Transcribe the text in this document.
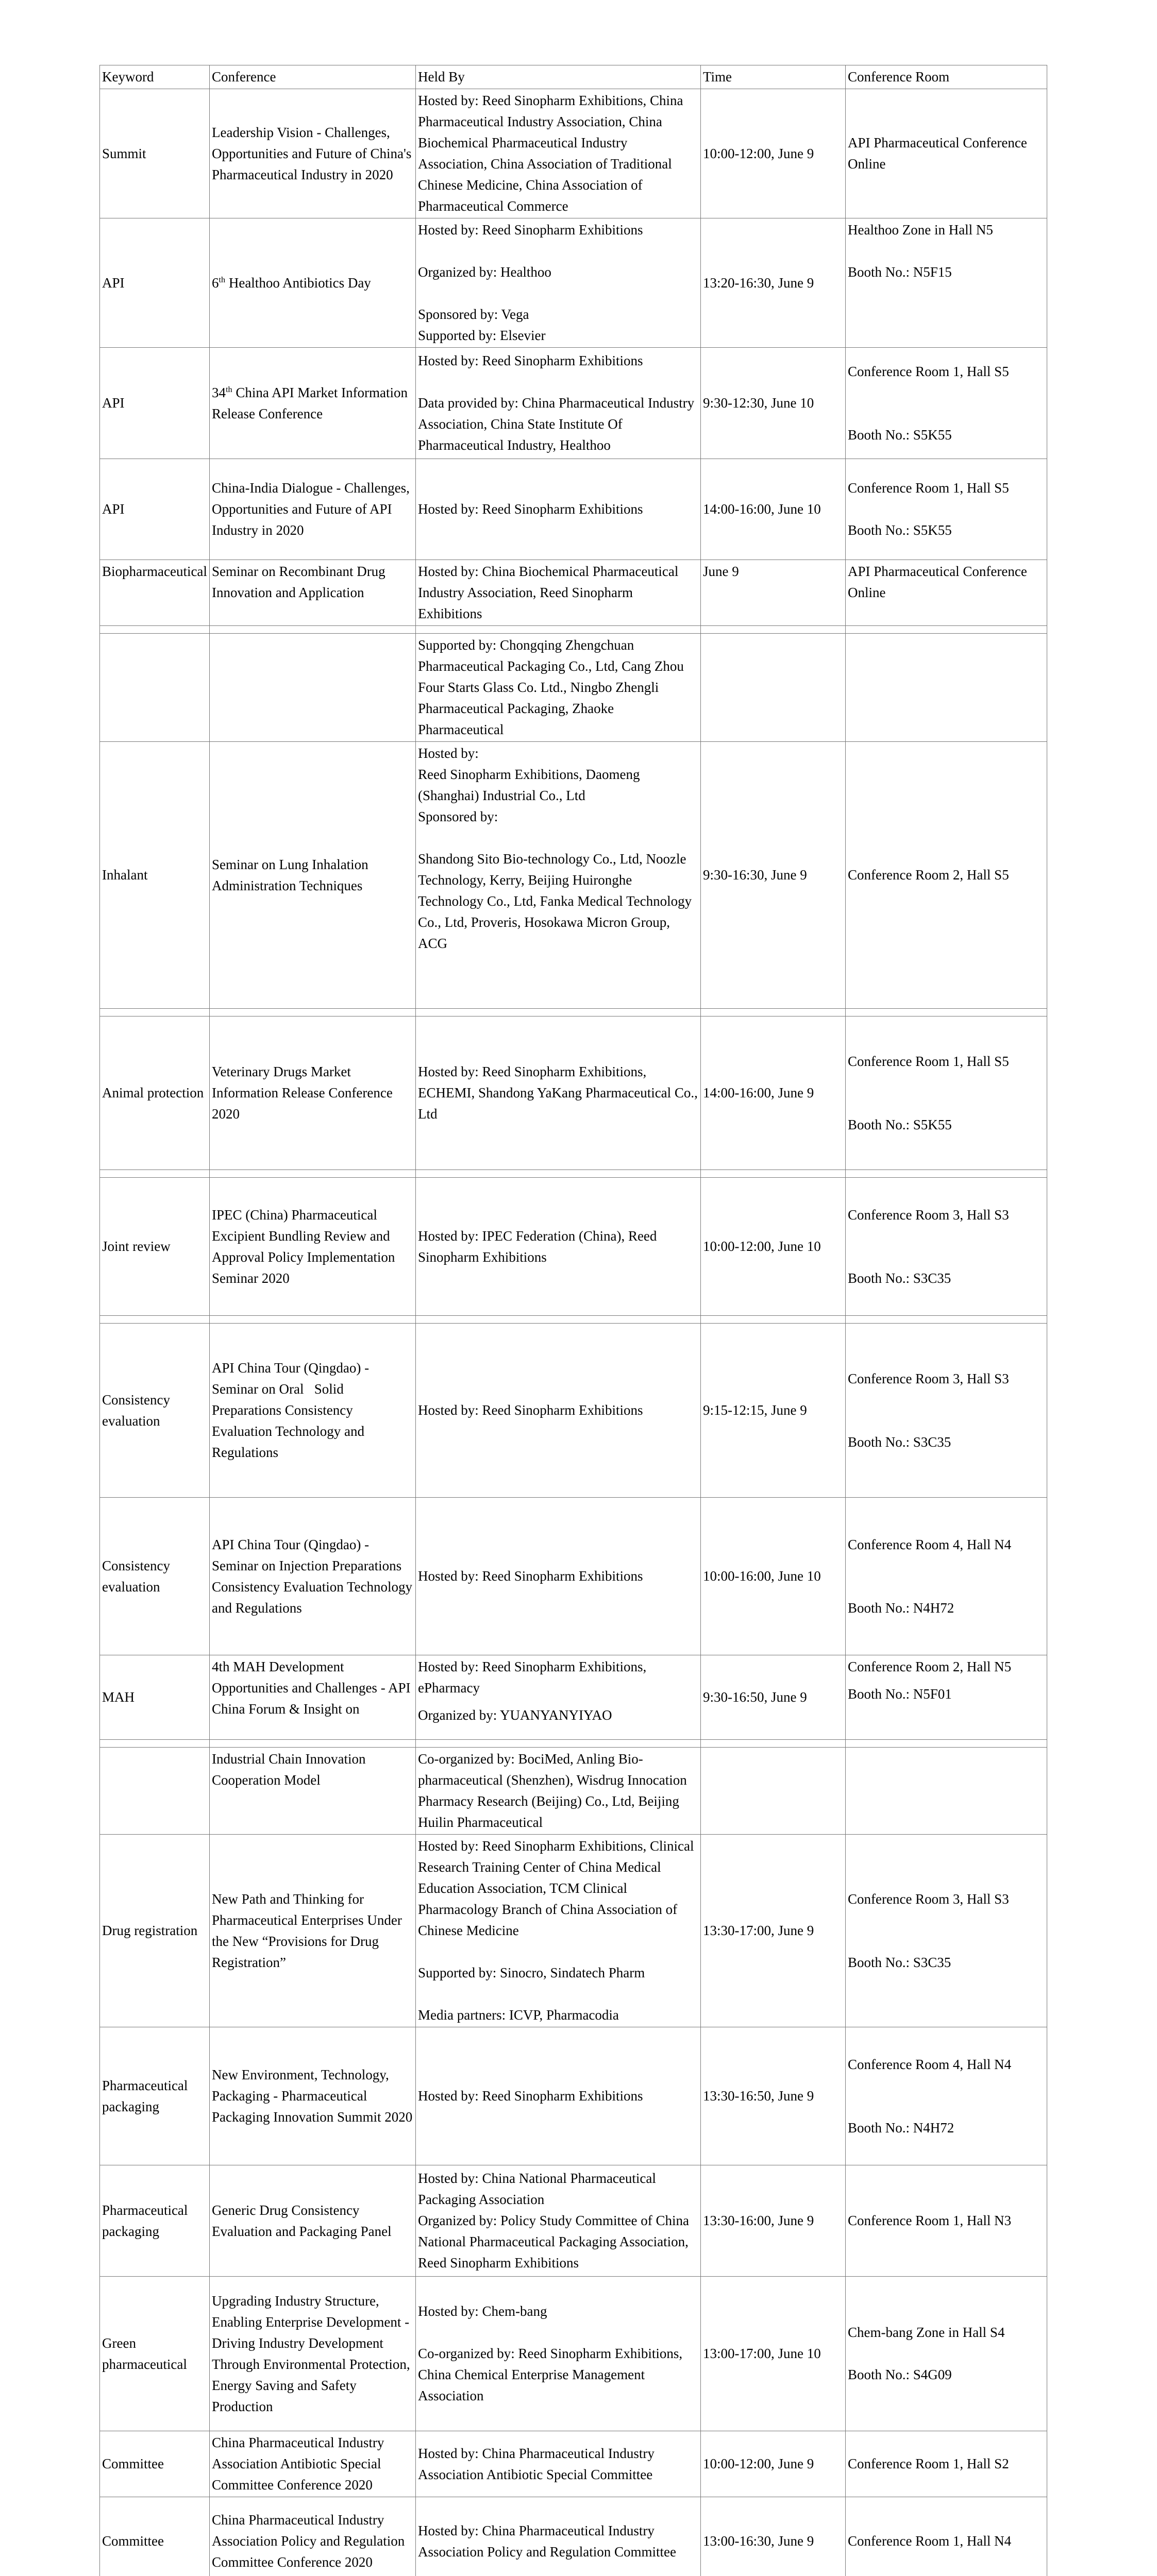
Keyword	Conference	Held By	Time	Conference Room
Summit	Leadership Vision - Challenges, Opportunities and Future of China's Pharmaceutical Industry in 2020	Hosted by: Reed Sinopharm Exhibitions, China Pharmaceutical Industry Association, China Biochemical Pharmaceutical Industry Association, China Association of Traditional Chinese Medicine, China Association of Pharmaceutical Commerce	10:00-12:00, June 9	API Pharmaceutical Conference Online

API	6th Healthoo Antibiotics Day	Hosted by: Reed Sinopharm Exhibitions
Organized by: Healthoo
Sponsored by: Vega
Supported by: Elsevier	13:20-16:30, June 9	Healthoo Zone in Hall N5
Booth No.: N5F15

API	34th China API Market Information Release Conference	Hosted by: Reed Sinopharm Exhibitions
Data provided by: China Pharmaceutical Industry Association, China State Institute Of Pharmaceutical Industry, Healthoo	9:30-12:30, June 10	Conference Room 1, Hall S5
Booth No.: S5K55

API	China-India Dialogue - Challenges, Opportunities and Future of API Industry in 2020	Hosted by: Reed Sinopharm Exhibitions	14:00-16:00, June 10	Conference Room 1, Hall S5
Booth No.: S5K55

Biopharmaceutical	Seminar on Recombinant Drug Innovation and Application	Hosted by: China Biochemical Pharmaceutical Industry Association, Reed Sinopharm Exhibitions	June 9	API Pharmaceutical Conference Online

		Supported by: Chongqing Zhengchuan Pharmaceutical Packaging Co., Ltd, Cang Zhou Four Starts Glass Co. Ltd., Ningbo Zhengli Pharmaceutical Packaging, Zhaoke Pharmaceutical		

Inhalant	Seminar on Lung Inhalation Administration Techniques	Hosted by:
Reed Sinopharm Exhibitions, Daomeng (Shanghai) Industrial Co., Ltd
Sponsored by:
Shandong Sito Bio-technology Co., Ltd, Noozle Technology, Kerry, Beijing Huironghe Technology Co., Ltd, Fanka Medical Technology Co., Ltd, Proveris, Hosokawa Micron Group, ACG	9:30-16:30, June 9	Conference Room 2, Hall S5

Animal protection	Veterinary Drugs Market Information Release Conference 2020	Hosted by: Reed Sinopharm Exhibitions, ECHEMI, Shandong YaKang Pharmaceutical Co., Ltd	14:00-16:00, June 9	Conference Room 1, Hall S5
Booth No.: S5K55

Joint review	IPEC (China) Pharmaceutical Excipient Bundling Review and Approval Policy Implementation Seminar 2020	Hosted by: IPEC Federation (China), Reed Sinopharm Exhibitions	10:00-12:00, June 10	Conference Room 3, Hall S3
Booth No.: S3C35

Consistency evaluation	API China Tour (Qingdao) - Seminar on Oral   Solid Preparations Consistency Evaluation Technology and Regulations	Hosted by: Reed Sinopharm Exhibitions	9:15-12:15, June 9	Conference Room 3, Hall S3
Booth No.: S3C35

Consistency evaluation	API China Tour (Qingdao) - Seminar on Injection Preparations Consistency Evaluation Technology and Regulations	Hosted by: Reed Sinopharm Exhibitions	10:00-16:00, June 10	Conference Room 4, Hall N4
Booth No.: N4H72

MAH	4th MAH Development Opportunities and Challenges - API China Forum & Insight on	Hosted by: Reed Sinopharm Exhibitions, ePharmacy
Organized by: YUANYANYIYAO	9:30-16:50, June 9	Conference Room 2, Hall N5
Booth No.: N5F01

	Industrial Chain Innovation Cooperation Model	Co-organized by: BociMed, Anling Bio-pharmaceutical (Shenzhen), Wisdrug Innocation Pharmacy Research (Beijing) Co., Ltd, Beijing Huilin Pharmaceutical		

Drug registration	New Path and Thinking for Pharmaceutical Enterprises Under the New “Provisions for Drug Registration”	Hosted by: Reed Sinopharm Exhibitions, Clinical Research Training Center of China Medical Education Association, TCM Clinical Pharmacology Branch of China Association of Chinese Medicine
Supported by: Sinocro, Sindatech Pharm
Media partners: ICVP, Pharmacodia	13:30-17:00, June 9	Conference Room 3, Hall S3
Booth No.: S3C35

Pharmaceutical packaging	New Environment, Technology, Packaging - Pharmaceutical Packaging Innovation Summit 2020	Hosted by: Reed Sinopharm Exhibitions	13:30-16:50, June 9	Conference Room 4, Hall N4
Booth No.: N4H72

Pharmaceutical packaging	Generic Drug Consistency Evaluation and Packaging Panel	Hosted by: China National Pharmaceutical Packaging Association
Organized by: Policy Study Committee of China National Pharmaceutical Packaging Association, Reed Sinopharm Exhibitions	13:30-16:00, June 9	Conference Room 1, Hall N3

Green pharmaceutical	Upgrading Industry Structure, Enabling Enterprise Development - Driving Industry Development Through Environmental Protection, Energy Saving and Safety Production	Hosted by: Chem-bang
Co-organized by: Reed Sinopharm Exhibitions, China Chemical Enterprise Management Association	13:00-17:00, June 10	Chem-bang Zone in Hall S4
Booth No.: S4G09

Committee	China Pharmaceutical Industry Association Antibiotic Special Committee Conference 2020	Hosted by: China Pharmaceutical Industry Association Antibiotic Special Committee	10:00-12:00, June 9	Conference Room 1, Hall S2

Committee	China Pharmaceutical Industry Association Policy and Regulation Committee Conference 2020	Hosted by: China Pharmaceutical Industry Association Policy and Regulation Committee	13:00-16:30, June 9	Conference Room 1, Hall N4
